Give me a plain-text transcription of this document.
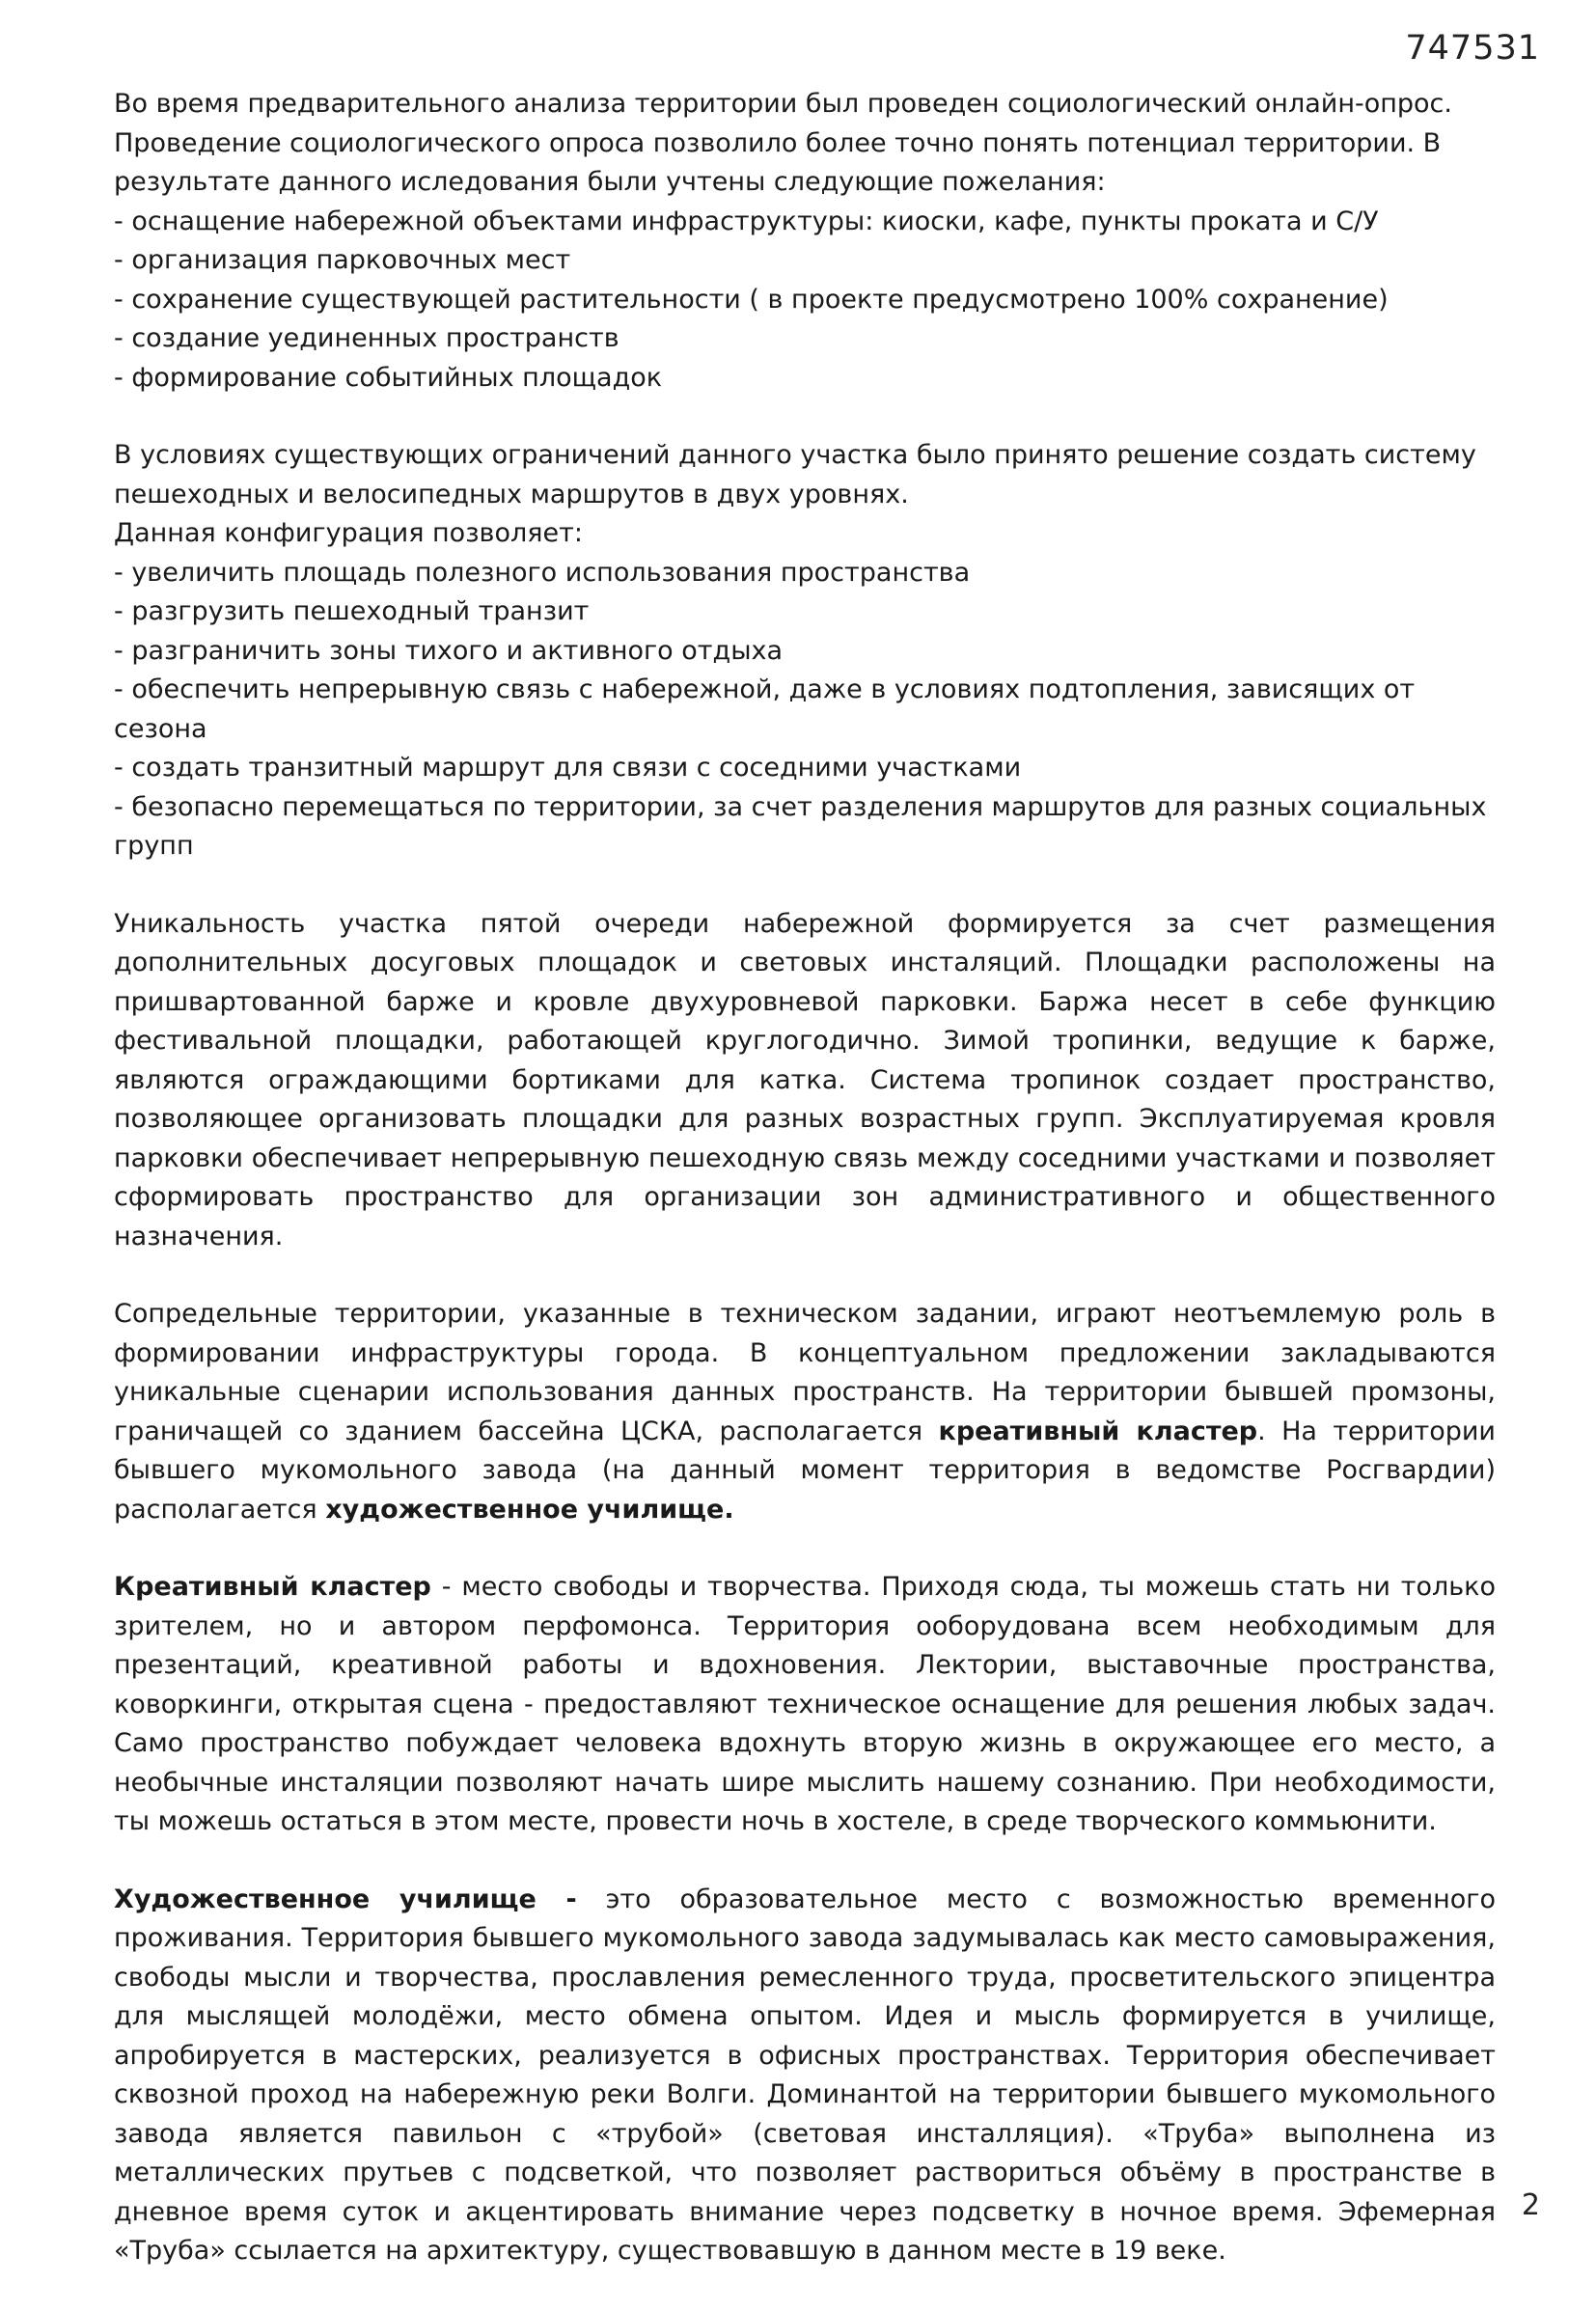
747531
Во время предварительного анализа территории был проведен социологический онлайн-опрос. Проведение социологического опроса позволило более точно понять потенциал территории. В результате данного иследования были учтены следующие пожелания:
- оснащение набережной объектами инфраструктуры: киоски, кафе, пункты проката и С/У
- организация парковочных мест
- сохранение существующей растительности ( в проекте предусмотрено 100% сохранение)
- создание уединенных пространств
- формирование событийных площадок
В условиях существующих ограничений данного участка было принято решение создать систему пешеходных и велосипедных маршрутов в двух уровнях.
Данная конфигурация позволяет:
- увеличить площадь полезного использования пространства
- разгрузить пешеходный транзит
- разграничить зоны тихого и активного отдыха
- обеспечить непрерывную связь с набережной, даже в условиях подтопления, зависящих от сезона
- создать транзитный маршрут для связи с соседними участками
- безопасно перемещаться по территории, за счет разделения маршрутов для разных социальных групп

Уникальность участка пятой очереди набережной формируется за счет размещения дополнительных досуговых площадок и световых инсталяций. Площадки расположены на пришвартованной барже и кровле двухуровневой парковки. Баржа несет в себе функцию фестивальной площадки, работающей круглогодично. Зимой тропинки, ведущие к барже, являются ограждающими бортиками для катка. Система тропинок создает пространство, позволяющее организовать площадки для разных возрастных групп. Эксплуатируемая кровля парковки обеспечивает непрерывную пешеходную связь между соседними участками и позволяет сформировать пространство для организации зон административного и общественного назначения.

Сопредельные территории, указанные в техническом задании, играют неотъемлемую роль в формировании инфраструктуры города. В концептуальном предложении закладываются уникальные сценарии использования данных пространств. На территории бывшей промзоны, граничащей со зданием бассейна ЦСКА, располагается креативный кластер. На территории бывшего мукомольного завода (на данный момент территория в ведомстве Росгвардии) располагается художественное училище.

Креативный кластер - место свободы и творчества. Приходя сюда, ты можешь стать ни только зрителем, но и автором перфомонса. Территория ооборудована всем необходимым для презентаций, креативной работы и вдохновения. Лектории, выставочные пространства, коворкинги, открытая сцена - предоставляют техническое оснащение для решения любых задач. Само пространство побуждает человека вдохнуть вторую жизнь в окружающее его место, а необычные инсталяции позволяют начать шире мыслить нашему сознанию. При необходимости, ты можешь остаться в этом месте, провести ночь в хостеле, в среде творческого коммьюнити.

Художественное училище - это образовательное место с возможностью временного проживания. Территория бывшего мукомольного завода задумывалась как место самовыражения, свободы мысли и творчества, прославления ремесленного труда, просветительского эпицентра для мыслящей молодёжи, место обмена опытом. Идея и мысль формируется в училище, апробируется в мастерских, реализуется в офисных пространствах. Территория обеспечивает сквозной проход на набережную реки Волги. Доминантой на территории бывшего мукомольного завода является павильон с «трубой» (световая инсталляция). «Труба» выполнена из металлических прутьев с подсветкой, что позволяет раствориться объёму в пространстве в дневное время суток и акцентировать внимание через подсветку в ночное время. Эфемерная «Труба» ссылается на архитектуру, существовавшую в данном месте в 19 веке.

2
